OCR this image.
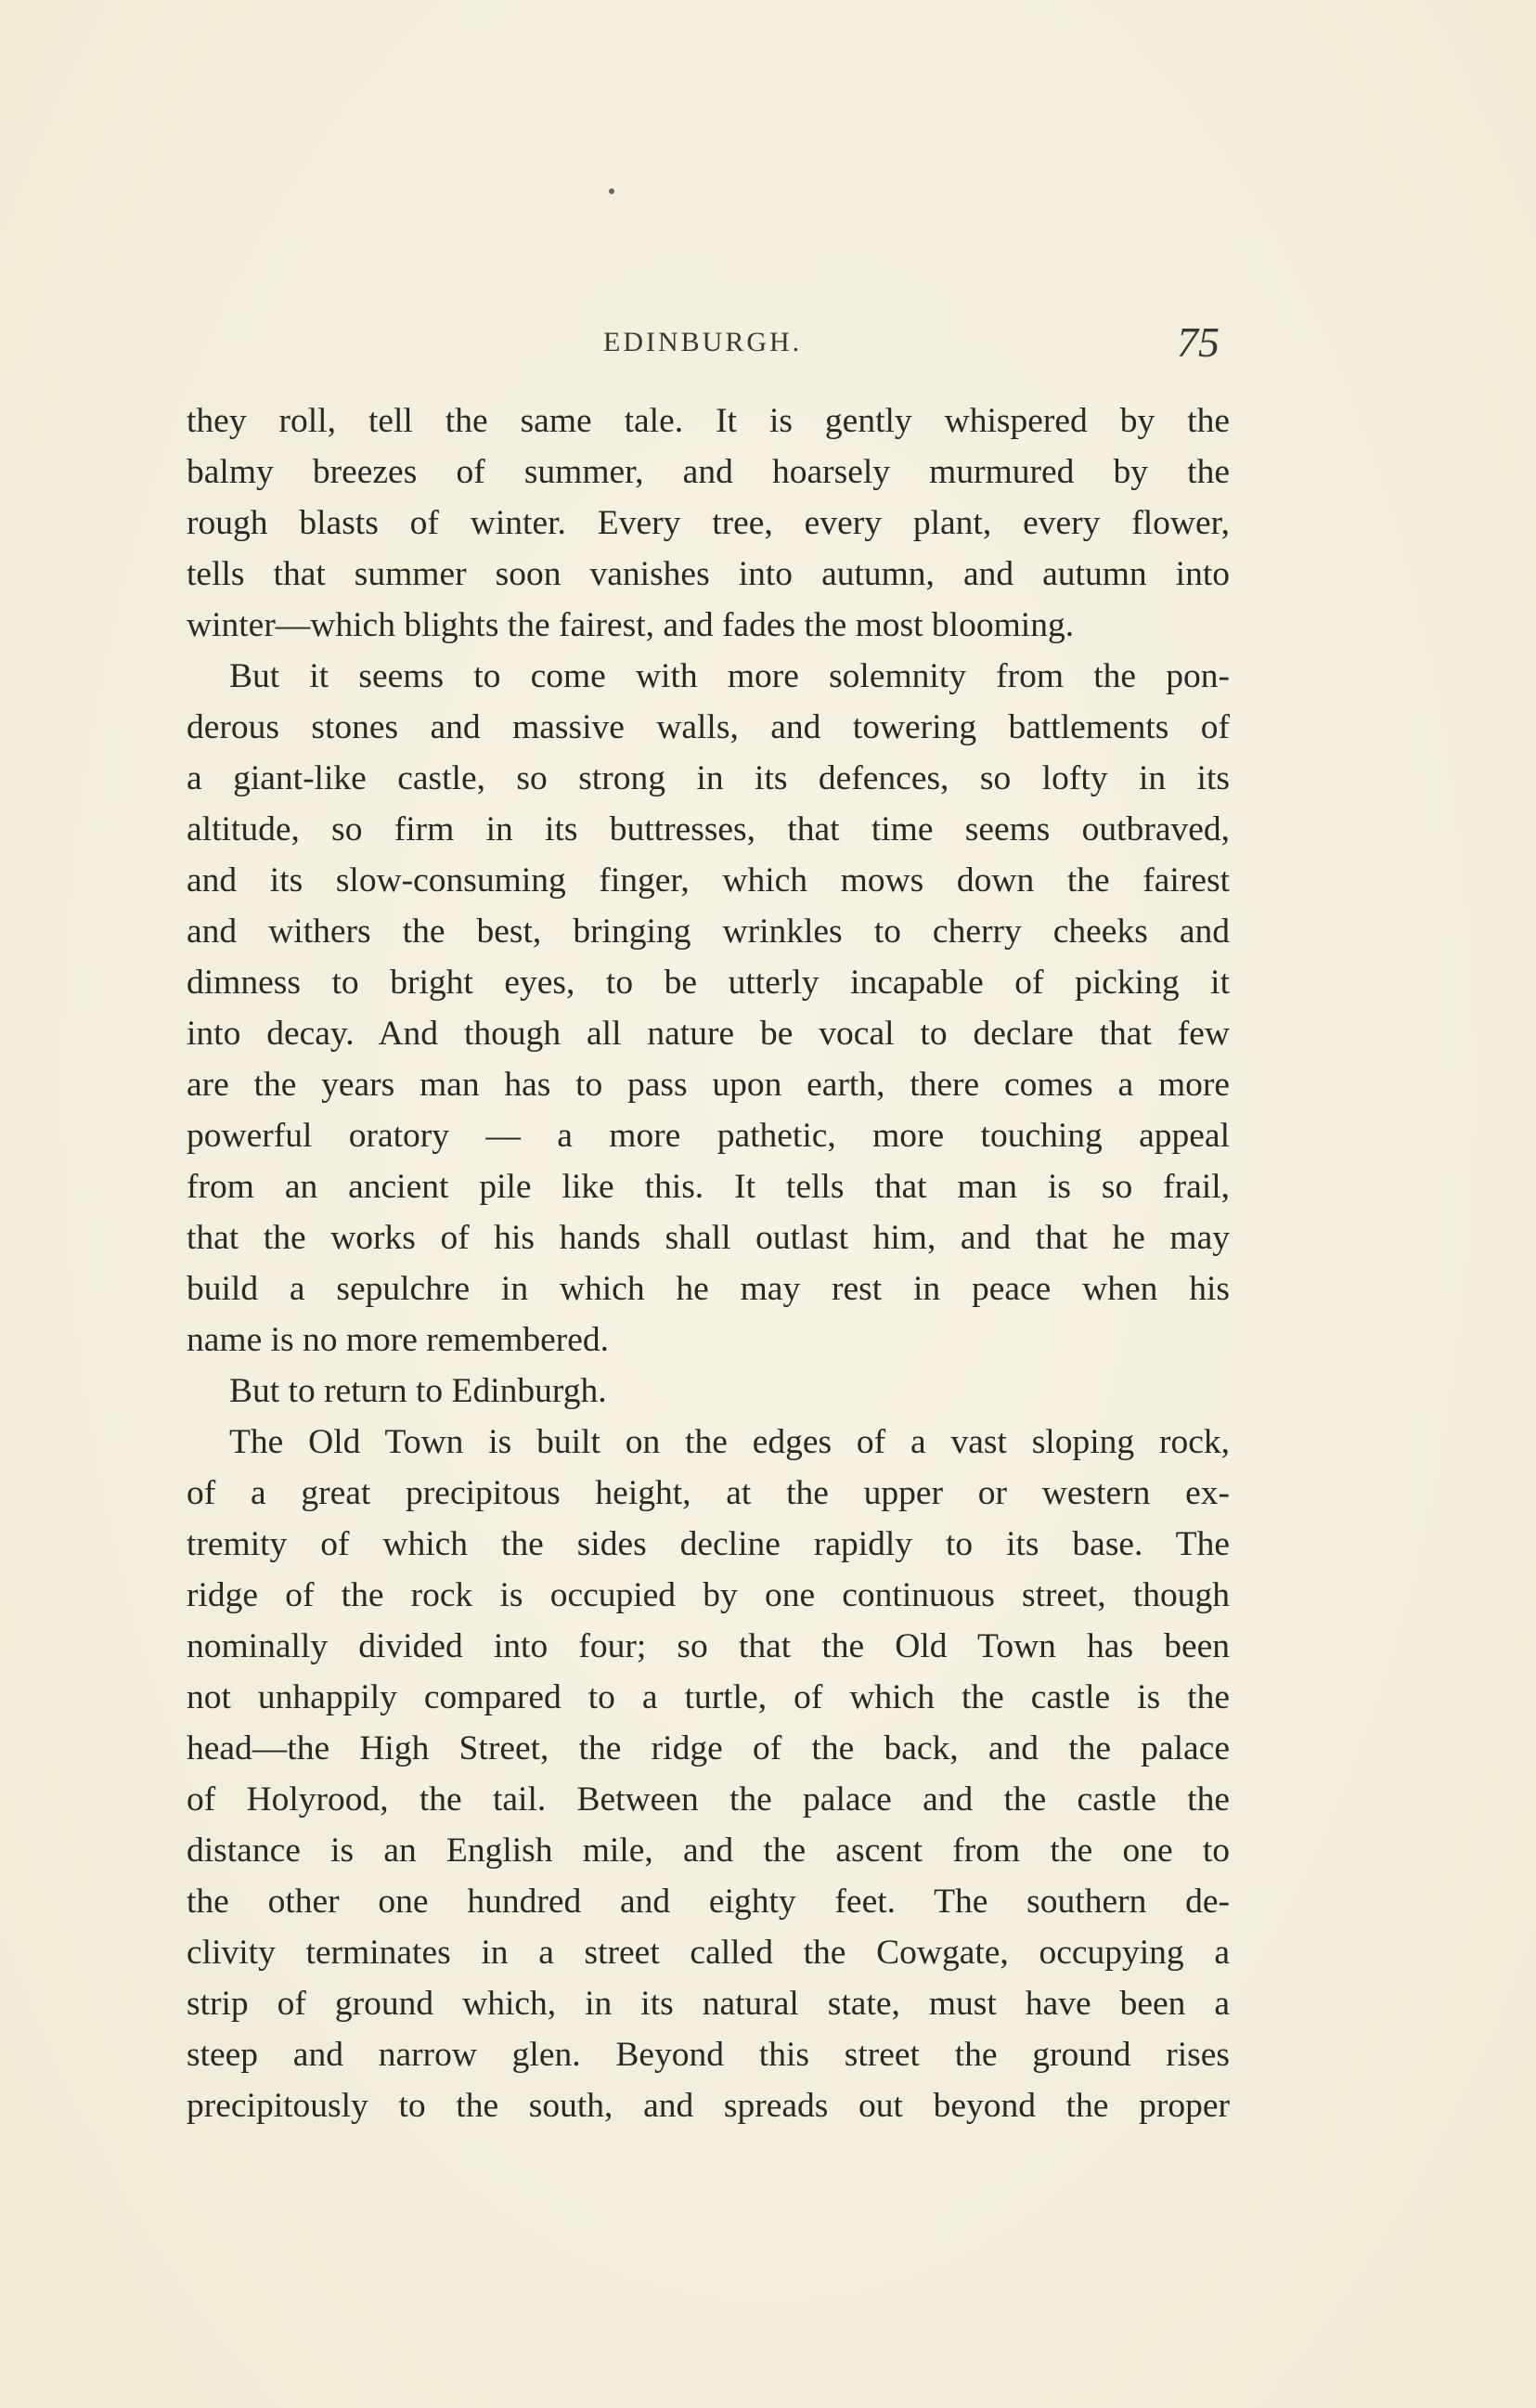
EDINBURGH.	75
they roll, tell the same tale. It is gently whispered by the
balmy breezes of summer, and hoarsely murmured by the
rough blasts of winter. Every tree, every plant, every flower,
tells that summer soon vanishes into autumn, and autumn into
winter—which blights the fairest, and fades the most blooming.
But it seems to come with more solemnity from the pon-
derous stones and massive walls, and towering battlements of
a giant-like castle, so strong in its defences, so lofty in its
altitude, so firm in its buttresses, that time seems outbraved,
and its slow-consuming finger, which mows down the fairest
and withers the best, bringing wrinkles to cherry cheeks and
dimness to bright eyes, to be utterly incapable of picking it
into decay. And though all nature be vocal to declare that few
are the years man has to pass upon earth, there comes a more
powerful oratory — a more pathetic, more touching appeal
from an ancient pile like this. It tells that man is so frail,
that the works of his hands shall outlast him, and that he may
build a sepulchre in which he may rest in peace when his
name is no more remembered.
But to return to Edinburgh.
The Old Town is built on the edges of a vast sloping rock,
of a great precipitous height, at the upper or western ex-
tremity of which the sides decline rapidly to its base. The
ridge of the rock is occupied by one continuous street, though
nominally divided into four; so that the Old Town has been
not unhappily compared to a turtle, of which the castle is the
head—the High Street, the ridge of the back, and the palace
of Holyrood, the tail. Between the palace and the castle the
distance is an English mile, and the ascent from the one to
the other one hundred and eighty feet. The southern de-
clivity terminates in a street called the Cowgate, occupying a
strip of ground which, in its natural state, must have been a
steep and narrow glen. Beyond this street the ground rises
precipitously to the south, and spreads out beyond the proper
